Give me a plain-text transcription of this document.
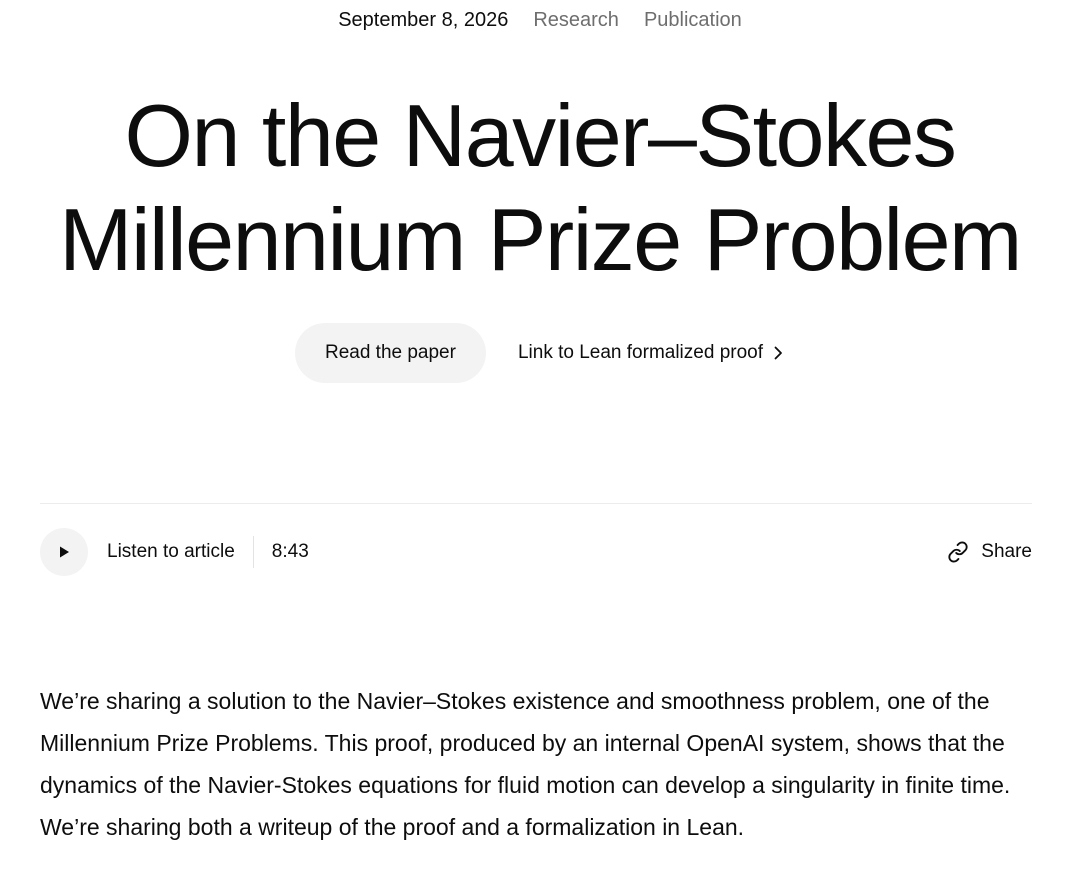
September 8, 2026 Research Publication
On the Navier–Stokes
Millennium Prize Problem
Read the paper	Link to Lean formalized proof
Listen to article 8:43	Share

We’re sharing a solution to the Navier–Stokes existence and smoothness problem, one of the Millennium Prize Problems. This proof, produced by an internal OpenAI system, shows that the dynamics of the Navier-Stokes equations for fluid motion can develop a singularity in finite time. We’re sharing both a writeup of the proof and a formalization in Lean.
